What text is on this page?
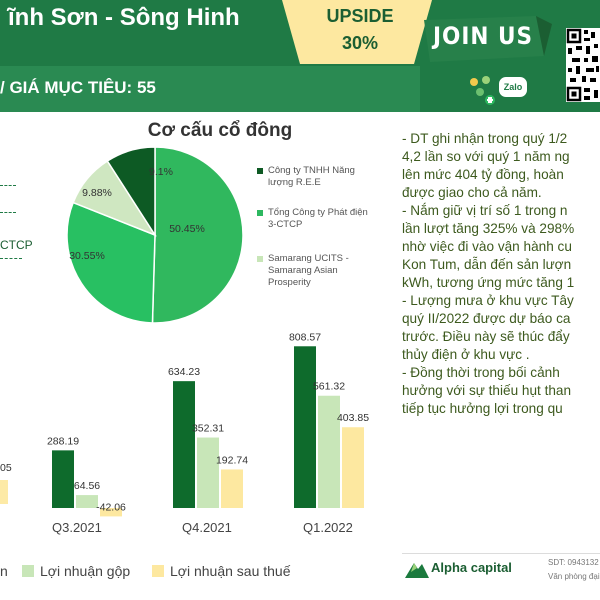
ĩnh Sơn - Sông Hinh
/ GIÁ MỤC TIÊU: 55
UPSIDE
30%	JOIN US
Zalo
CTCP
Cơ cấu cổ đông
9.1%
9.88%
30.55%
50.45%
Công ty TNHH Năng lượng R.E.E
Tổng Công ty Phát điện 3-CTCP
Samarang UCITS - Samarang Asian Prosperity
- DT ghi nhận trong quý 1/2
4,2 lần so với quý 1 năm ng
lên mức 404 tỷ đồng, hoàn
được giao cho cả năm.
- Nắm giữ vị trí số 1 trong n
lần lượt tăng 325% và 298%
nhờ việc đi vào vận hành cu
Kon Tum, dẫn đến sản lượn
kWh, tương ứng mức tăng 1
- Lượng mưa ở khu vực Tây
quý II/2022 được dự báo ca
trước. Điều này sẽ thúc đẩy
thủy điện ở khu vực .
- Đồng thời trong bối cảnh
hưởng với sự thiếu hụt than
tiếp tục hưởng lợi trong qu
05
288.19
64.56
-42.06
634.23
352.31
192.74
808.57
561.32
403.85
Q3.2021	Q4.2021	Q1.2022
n Lợi nhuận gộp	Lợi nhuận sau thuế	Alpha capital	SDT: 0943132
Văn phòng đại
